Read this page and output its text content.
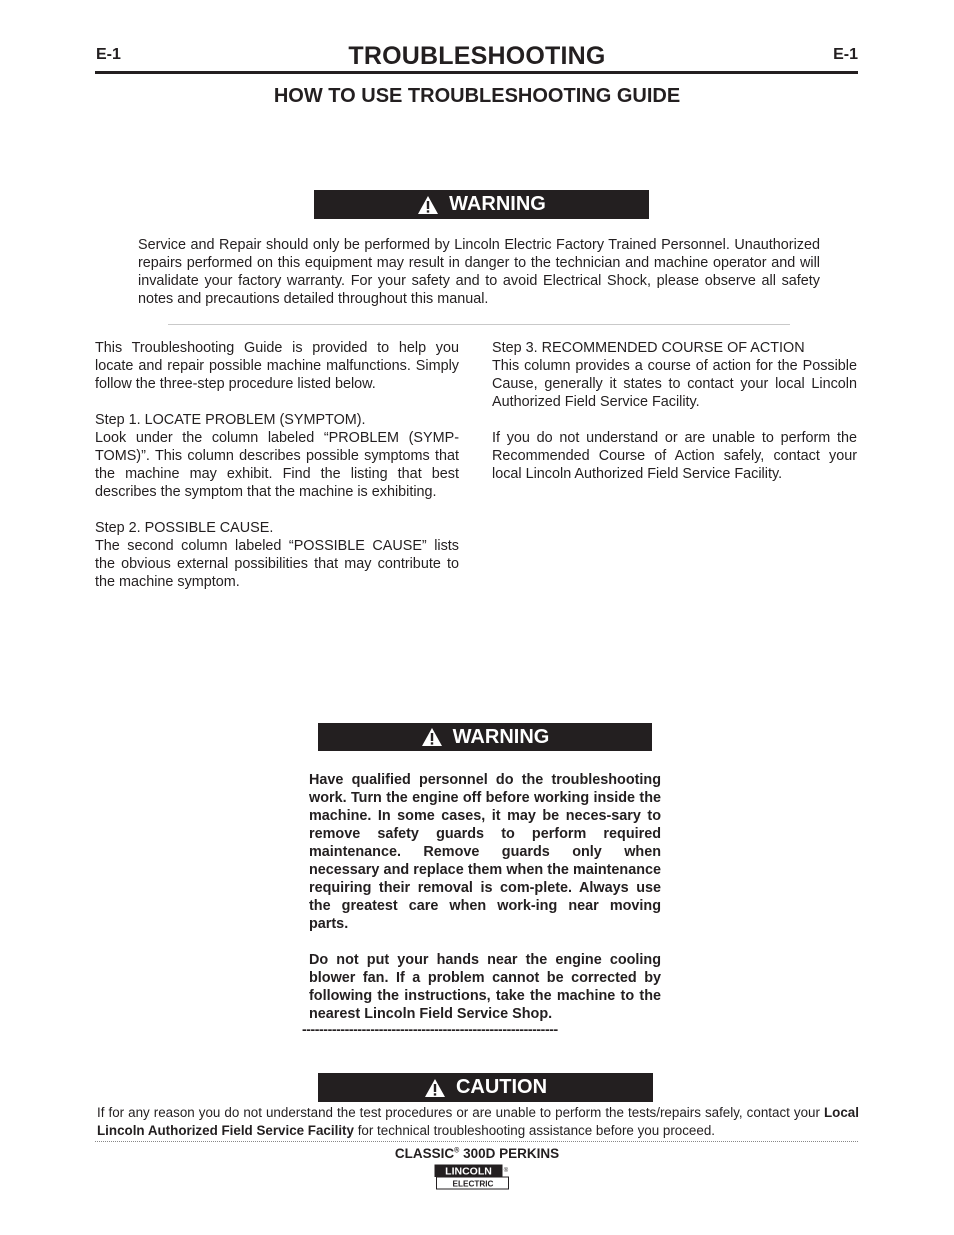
E-1	E-1
TROUBLESHOOTING
HOW TO USE TROUBLESHOOTING GUIDE
WARNING
Service and Repair should only be performed by Lincoln Electric Factory Trained Personnel. Unauthorized repairs performed on this equipment may result in danger to the technician and machine operator and will invalidate your factory warranty. For your safety and to avoid Electrical Shock, please observe all safety notes and precautions detailed throughout this manual.
This Troubleshooting Guide is provided to help you locate and repair possible machine malfunctions. Simply follow the three-step procedure listed below.
Step 1. LOCATE PROBLEM (SYMPTOM).
Look under the column labeled “PROBLEM (SYMP-TOMS)”. This column describes possible symptoms that the machine may exhibit. Find the listing that best describes the symptom that the machine is exhibiting.
Step 2. POSSIBLE CAUSE.
The second column labeled “POSSIBLE CAUSE” lists the obvious external possibilities that may contribute to the machine symptom.
Step 3. RECOMMENDED COURSE OF ACTION
This column provides a course of action for the Possible Cause, generally it states to contact your local Lincoln Authorized Field Service Facility.
If you do not understand or are unable to perform the Recommended Course of Action safely, contact your local Lincoln Authorized Field Service Facility.
WARNING
Have qualified personnel do the troubleshooting work. Turn the engine off before working inside the machine. In some cases, it may be neces-sary to remove safety guards to perform required maintenance. Remove guards only when necessary and replace them when the maintenance requiring their removal is com-plete. Always use the greatest care when work-ing near moving parts.
Do not put your hands near the engine cooling blower fan. If a problem cannot be corrected by following the instructions, take the machine to the nearest Lincoln Field Service Shop.
------------------------------------------------------------
CAUTION
If for any reason you do not understand the test procedures or are unable to perform the tests/repairs safely, contact your Local Lincoln Authorized Field Service Facility for technical troubleshooting assistance before you proceed.
CLASSIC® 300D PERKINS
LINCOLN ®
ELECTRIC
